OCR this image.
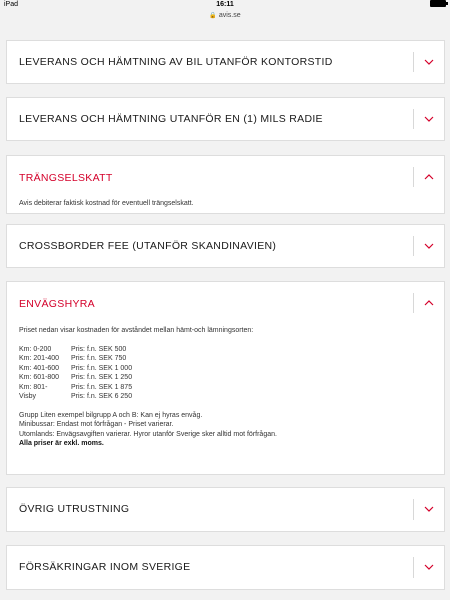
iPad	16:11
🔒 avis.se
LEVERANS OCH HÄMTNING AV BIL UTANFÖR KONTORSTID
LEVERANS OCH HÄMTNING UTANFÖR EN (1) MILS RADIE
TRÄNGSELSKATT
Avis debiterar faktisk kostnad för eventuell trängselskatt.
CROSSBORDER FEE (UTANFÖR SKANDINAVIEN)
ENVÄGSHYRA
Priset nedan visar kostnaden för avståndet mellan hämt-och lämningsorten:
Km: 0-200	Pris: f.n. SEK 500
Km: 201-400	Pris: f.n. SEK 750
Km: 401-600	Pris: f.n. SEK 1 000
Km: 601-800	Pris: f.n. SEK 1 250
Km: 801-	Pris: f.n. SEK 1 875
Visby	Pris: f.n. SEK 6 250
Grupp Liten exempel bilgrupp A och B: Kan ej hyras envåg.
Minibussar: Endast mot förfrågan - Priset varierar.
Utomlands: Envägsavgiften varierar. Hyror utanför Sverige sker alltid mot förfrågan.
Alla priser är exkl. moms.
ÖVRIG UTRUSTNING
FÖRSÄKRINGAR INOM SVERIGE
